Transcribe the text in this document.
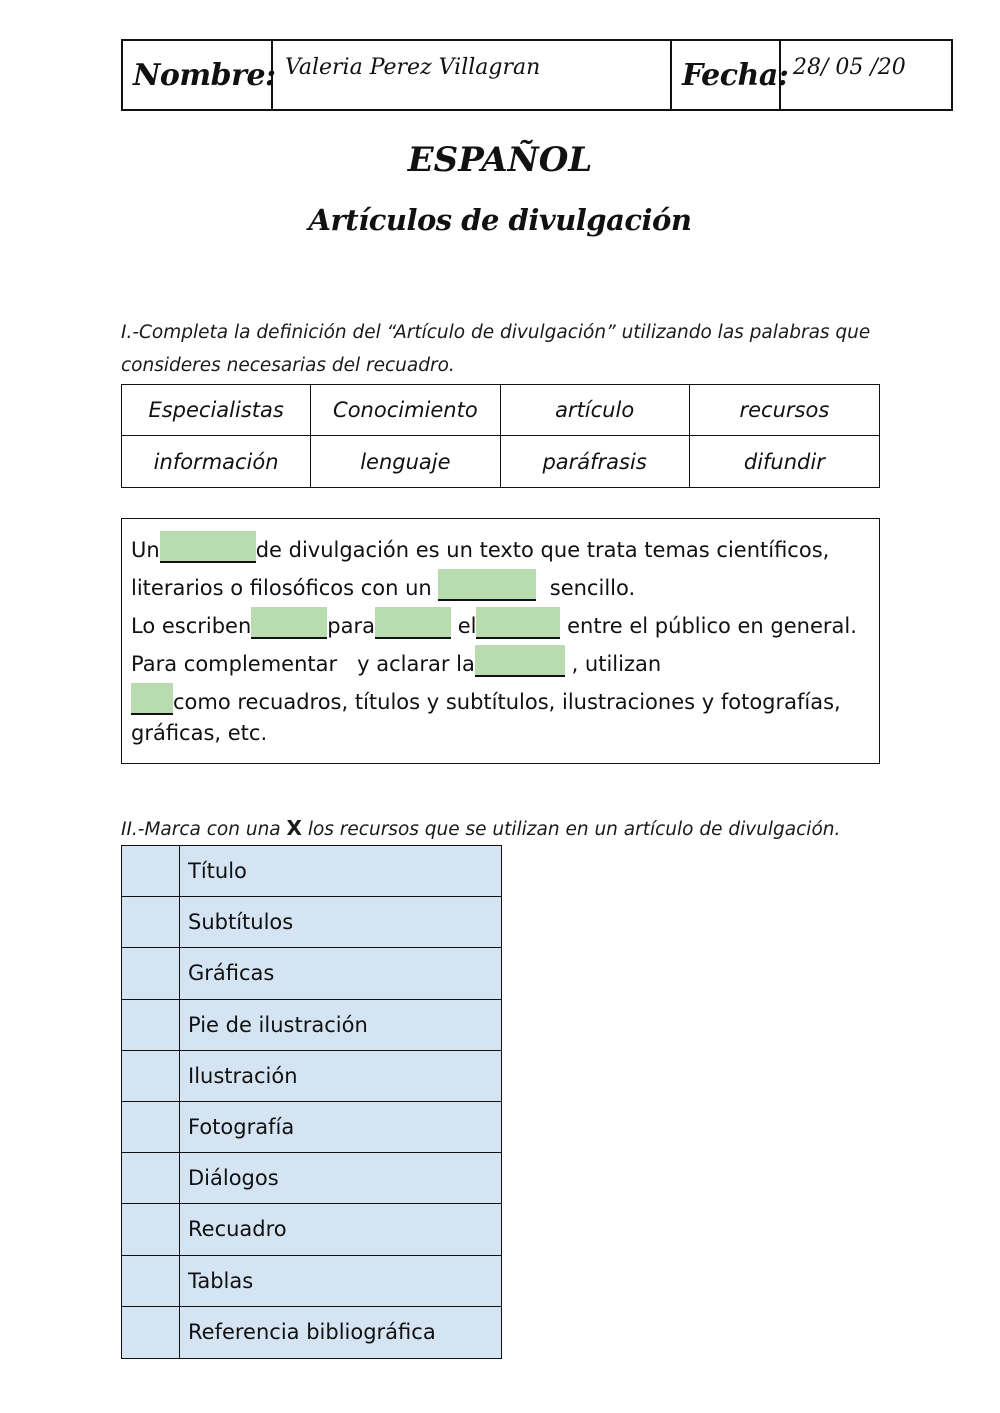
Nombre: Valeria Perez Villagran	Fecha: 28/ 05 /20
ESPAÑOL
Artículos de divulgación
I.-Completa la definición del “Artículo de divulgación” utilizando las palabras que
consideres necesarias del recuadro.
Especialistas	Conocimiento	artículo	recursos
información	lenguaje	paráfrasis	difundir
Un	de divulgación es un texto que trata temas científicos,
literarios o filosóficos con un	sencillo.
Lo escriben	para	el	entre el público en general.
Para complementar   y aclarar la	, utilizan
como recuadros, títulos y subtítulos, ilustraciones y fotografías,
gráficas, etc.
II.-Marca con una X los recursos que se utilizan en un artículo de divulgación.
Título
Subtítulos
Gráficas
Pie de ilustración
Ilustración
Fotografía
Diálogos
Recuadro
Tablas
Referencia bibliográfica
